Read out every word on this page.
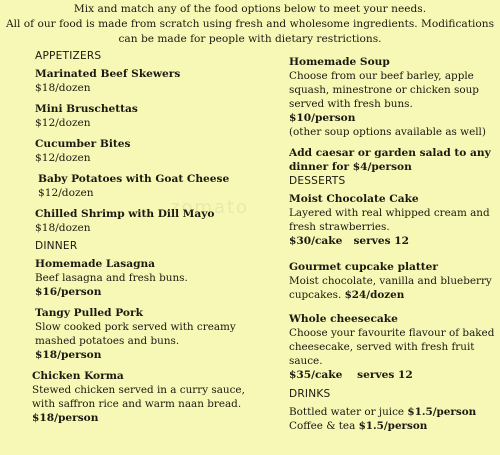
Mix and match any of the food options below to meet your needs.
All of our food is made from scratch using fresh and wholesome ingredients. Modifications
can be made for people with dietary restrictions.
zomato
APPETIZERS
Marinated Beef Skewers
$18/dozen
Mini Bruschettas
$12/dozen
Cucumber Bites
$12/dozen
Baby Potatoes with Goat Cheese
$12/dozen
Chilled Shrimp with Dill Mayo
$18/dozen
DINNER
Homemade Lasagna
Beef lasagna and fresh buns.
$16/person
Tangy Pulled Pork
Slow cooked pork served with creamy mashed potatoes and buns.
$18/person
Chicken Korma
Stewed chicken served in a curry sauce, with saffron rice and warm naan bread.
$18/person
Homemade Soup
Choose from our beef barley, apple squash, minestrone or chicken soup served with fresh buns.
$10/person
(other soup options available as well)
Add caesar or garden salad to any dinner for $4/person
DESSERTS
Moist Chocolate Cake
Layered with real whipped cream and fresh strawberries.
$30/cake serves 12
Gourmet cupcake platter
Moist chocolate, vanilla and blueberry cupcakes. $24/dozen
Whole cheesecake
Choose your favourite flavour of baked cheesecake, served with fresh fruit sauce.
$35/cake serves 12
DRINKS
Bottled water or juice $1.5/person
Coffee & tea $1.5/person
